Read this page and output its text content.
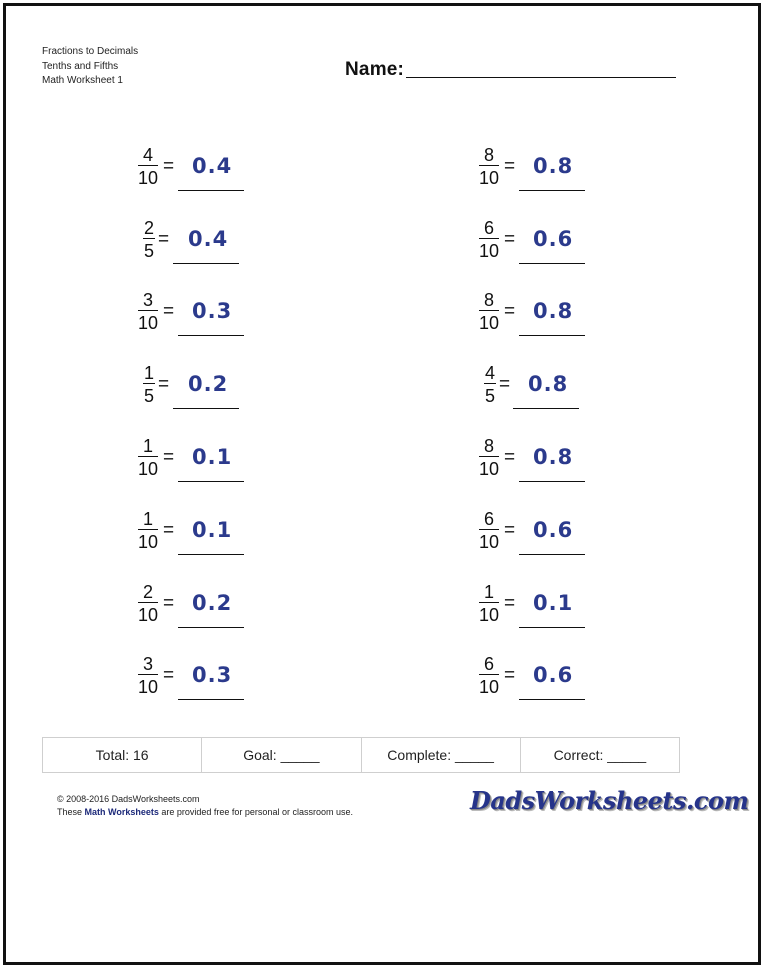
Fractions to Decimals
Tenths and Fifths
Math Worksheet 1
Name:
4
10
= 0.4
2
5
= 0.4
3
10
= 0.3
1
5
= 0.2
1
10
= 0.1
1
10
= 0.1
2
10
= 0.2
3
10
= 0.3
8
10
= 0.8
6
10
= 0.6
8
10
= 0.8
4
5
= 0.8
8
10
= 0.8
6
10
= 0.6
1
10
= 0.1
6
10
= 0.6
Total: 16	Goal: _____	Complete: _____	Correct: _____
© 2008-2016 DadsWorksheets.com
These Math Worksheets are provided free for personal or classroom use.	DadsWorksheets.com
